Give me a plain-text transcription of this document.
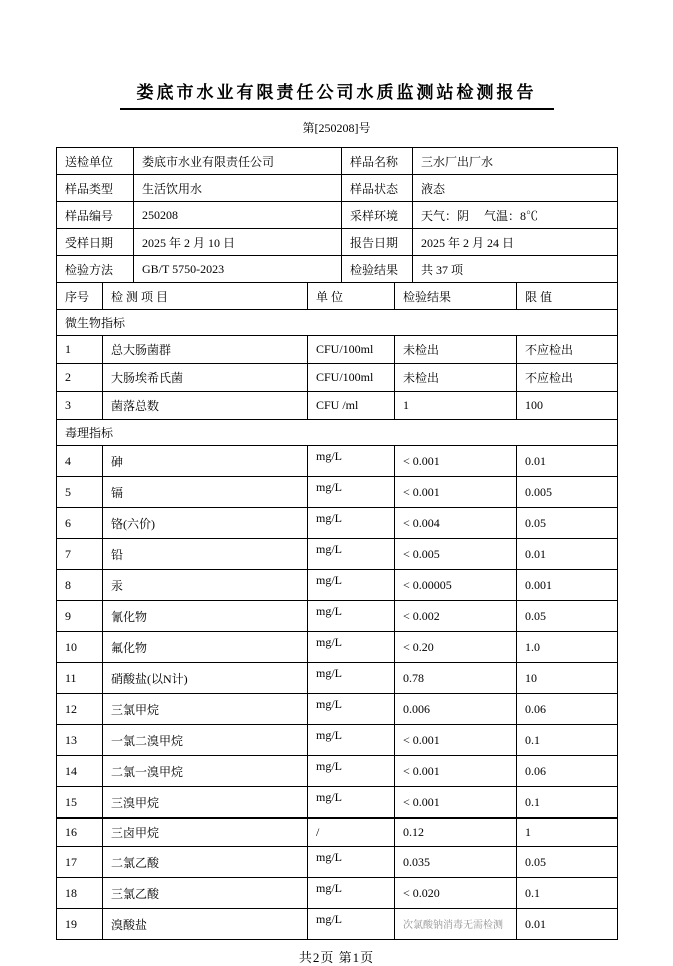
娄底市水业有限责任公司水质监测站检测报告
第[250208]号
送检单位	娄底市水业有限责任公司	样品名称	三水厂出厂水
样品类型	生活饮用水	样品状态	液态
样品编号	250208	采样环境	天气：阴　 气温：8℃
受样日期	2025 年 2 月 10 日	报告日期	2025 年 2 月 24 日
检验方法	GB/T 5750-2023	检验结果	共 37 项
序号	检 测 项 目	单 位	检验结果	限 值
微生物指标				
1	总大肠菌群	CFU/100ml	未检出	不应检出
2	大肠埃希氏菌	CFU/100ml	未检出	不应检出
3	菌落总数	CFU /ml	1	100
毒理指标				
4	砷	mg/L	< 0.001	0.01
5	镉	mg/L	< 0.001	0.005
6	铬(六价)	mg/L	< 0.004	0.05
7	铅	mg/L	< 0.005	0.01
8	汞	mg/L	< 0.00005	0.001
9	氰化物	mg/L	< 0.002	0.05
10	氟化物	mg/L	< 0.20	1.0
11	硝酸盐(以N计)	mg/L	0.78	10
12	三氯甲烷	mg/L	0.006	0.06
13	一氯二溴甲烷	mg/L	< 0.001	0.1
14	二氯一溴甲烷	mg/L	< 0.001	0.06
15	三溴甲烷	mg/L	< 0.001	0.1
16	三卤甲烷	/	0.12	1
17	二氯乙酸	mg/L	0.035	0.05
18	三氯乙酸	mg/L	< 0.020	0.1
19	溴酸盐	mg/L	次氯酸钠消毒无需检测	0.01
共2页 第1页
